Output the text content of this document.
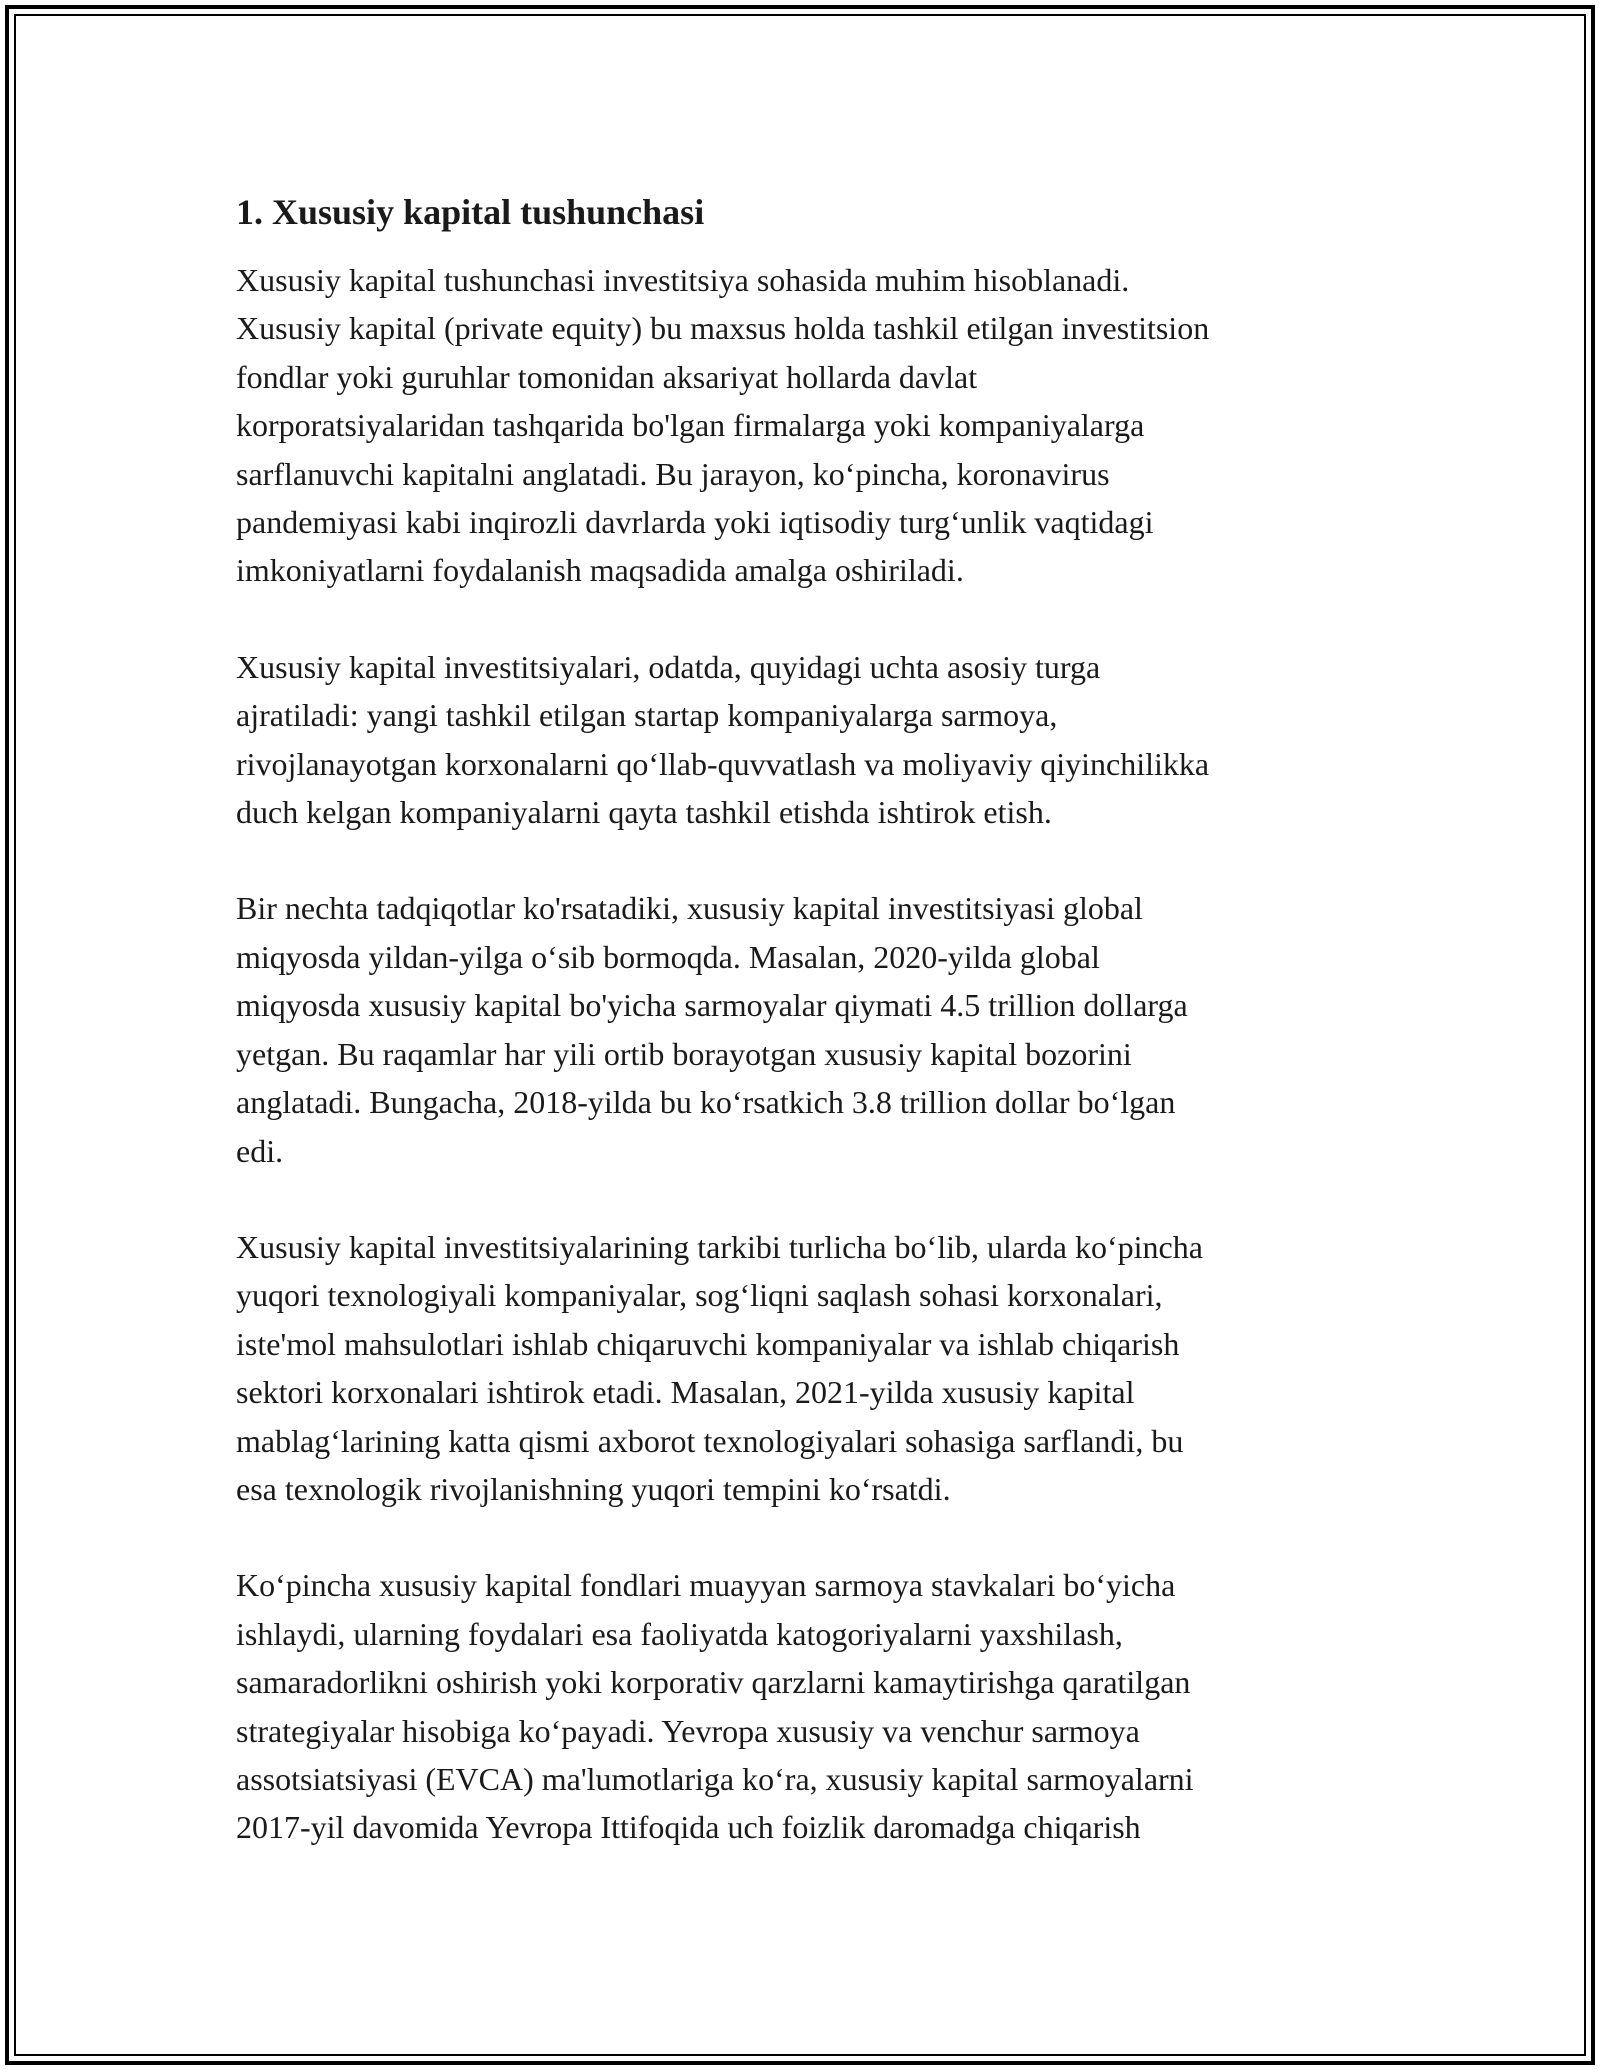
1. Xususiy kapital tushunchasi
Xususiy kapital tushunchasi investitsiya sohasida muhim hisoblanadi.
Xususiy kapital (private equity) bu maxsus holda tashkil etilgan investitsion
fondlar yoki guruhlar tomonidan aksariyat hollarda davlat
korporatsiyalaridan tashqarida bo'lgan firmalarga yoki kompaniyalarga
sarflanuvchi kapitalni anglatadi. Bu jarayon, ko‘pincha, koronavirus
pandemiyasi kabi inqirozli davrlarda yoki iqtisodiy turg‘unlik vaqtidagi
imkoniyatlarni foydalanish maqsadida amalga oshiriladi.
Xususiy kapital investitsiyalari, odatda, quyidagi uchta asosiy turga
ajratiladi: yangi tashkil etilgan startap kompaniyalarga sarmoya,
rivojlanayotgan korxonalarni qo‘llab-quvvatlash va moliyaviy qiyinchilikka
duch kelgan kompaniyalarni qayta tashkil etishda ishtirok etish.
Bir nechta tadqiqotlar ko'rsatadiki, xususiy kapital investitsiyasi global
miqyosda yildan-yilga o‘sib bormoqda. Masalan, 2020-yilda global
miqyosda xususiy kapital bo'yicha sarmoyalar qiymati 4.5 trillion dollarga
yetgan. Bu raqamlar har yili ortib borayotgan xususiy kapital bozorini
anglatadi. Bungacha, 2018-yilda bu ko‘rsatkich 3.8 trillion dollar bo‘lgan
edi.
Xususiy kapital investitsiyalarining tarkibi turlicha bo‘lib, ularda ko‘pincha
yuqori texnologiyali kompaniyalar, sog‘liqni saqlash sohasi korxonalari,
iste'mol mahsulotlari ishlab chiqaruvchi kompaniyalar va ishlab chiqarish
sektori korxonalari ishtirok etadi. Masalan, 2021-yilda xususiy kapital
mablag‘larining katta qismi axborot texnologiyalari sohasiga sarflandi, bu
esa texnologik rivojlanishning yuqori tempini ko‘rsatdi.
Ko‘pincha xususiy kapital fondlari muayyan sarmoya stavkalari bo‘yicha
ishlaydi, ularning foydalari esa faoliyatda katogoriyalarni yaxshilash,
samaradorlikni oshirish yoki korporativ qarzlarni kamaytirishga qaratilgan
strategiyalar hisobiga ko‘payadi. Yevropa xususiy va venchur sarmoya
assotsiatsiyasi (EVCA) ma'lumotlariga ko‘ra, xususiy kapital sarmoyalarni
2017-yil davomida Yevropa Ittifoqida uch foizlik daromadga chiqarish
